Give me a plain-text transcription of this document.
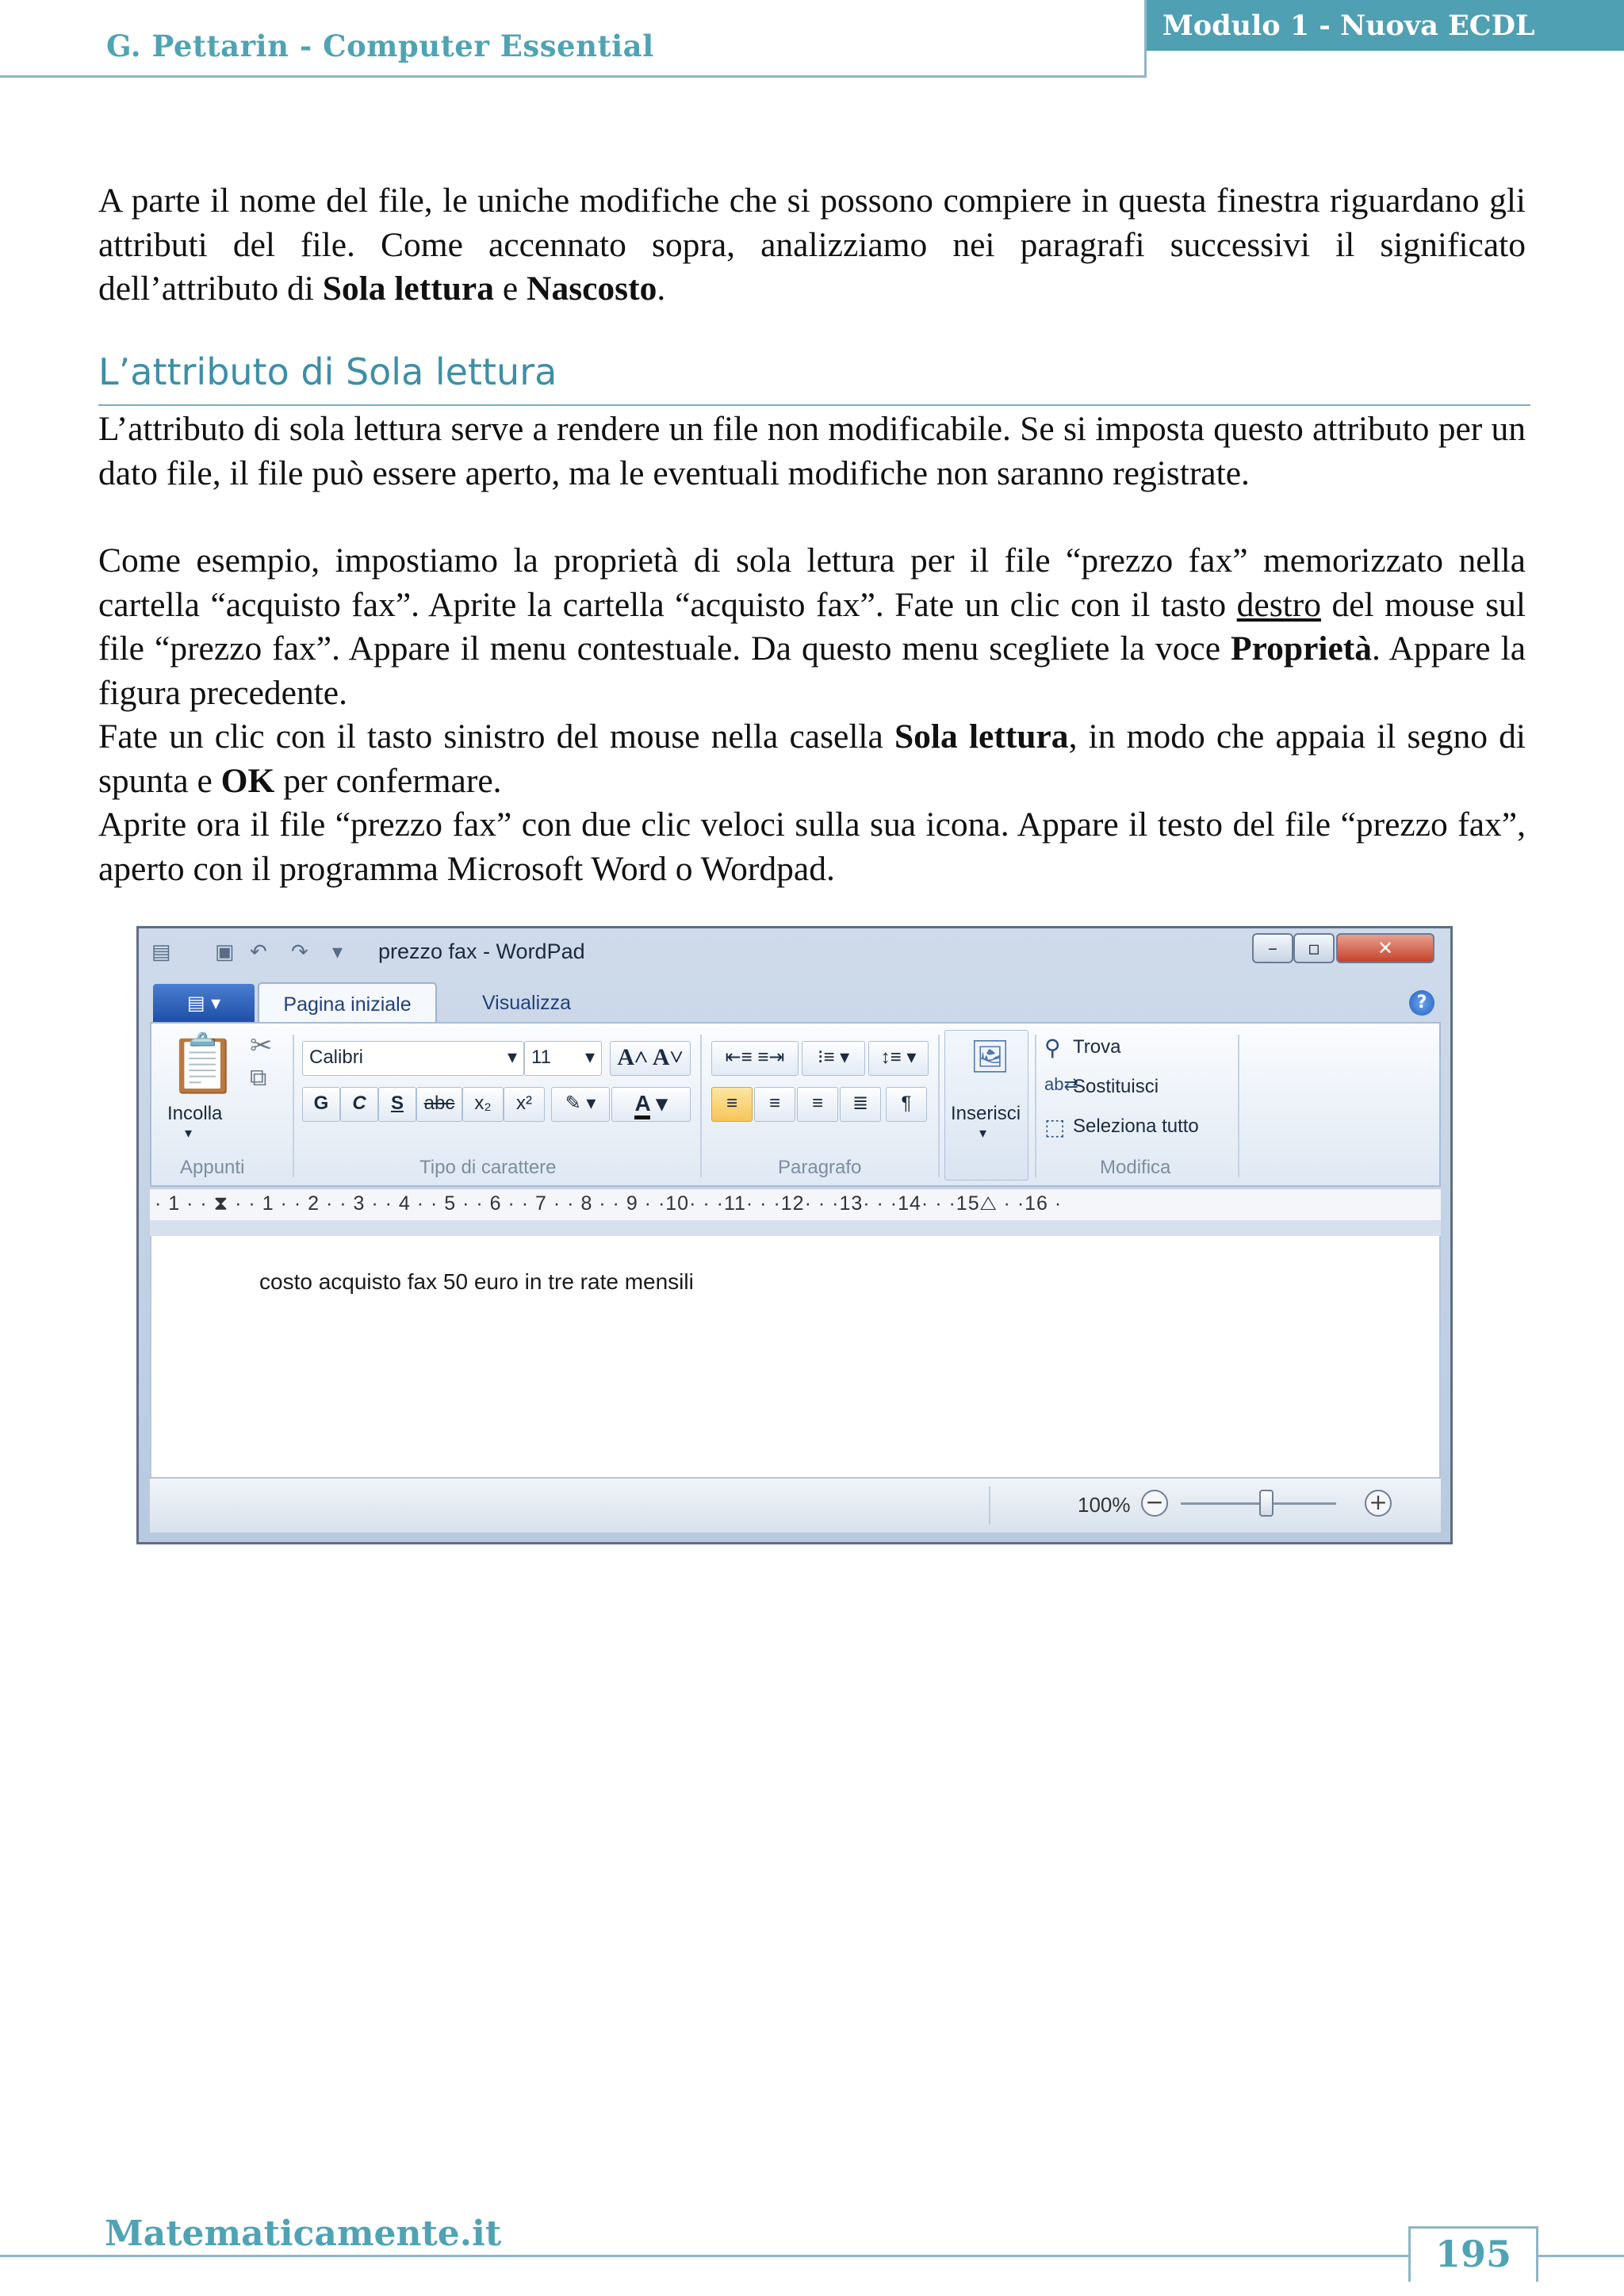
G. Pettarin - Computer Essential
Modulo 1 - Nuova ECDL
A parte il nome del file, le uniche modifiche che si possono compiere in questa finestra riguardano gli attributi del file. Come accennato sopra, analizziamo nei paragrafi successivi il significato dell’attributo di Sola lettura e Nascosto.
L’attributo di Sola lettura
L’attributo di sola lettura serve a rendere un file non modificabile. Se si imposta questo attributo per un dato file, il file può essere aperto, ma le eventuali modifiche non saranno registrate.
Come esempio, impostiamo la proprietà di sola lettura per il file “prezzo fax” memorizzato nella cartella “acquisto fax”. Aprite la cartella “acquisto fax”. Fate un clic con il tasto destro del mouse sul file “prezzo fax”. Appare il menu contestuale. Da questo menu scegliete la voce Proprietà. Appare la figura precedente.
Fate un clic con il tasto sinistro del mouse nella casella Sola lettura, in modo che appaia il segno di spunta e OK per confermare.
Aprite ora il file “prezzo fax” con due clic veloci sulla sua icona. Appare il testo del file “prezzo fax”, aperto con il programma Microsoft Word o Wordpad.
▤ ▣ ↶ ↷ ▾ prezzo fax - WordPad	–	▫	✕
▤ ▾	Pagina iniziale	Visualizza	?
📋
Incolla
▾
✂
⧉
Appunti
Calibri	▾ 11 ▾ A˄ A˅
G	C	S	abc	x₂	x²	✎ ▾	A ▾
Tipo di carattere
⇤≡ ≡⇥	⁝≡ ▾	↕≡ ▾
≡	≡	≡	≣	¶
Paragrafo
🖼
Inserisci
▾
⚲ Trova
ab⇄
Sostituisci
⬚ Seleziona tutto
Modifica
· 1 · · ⧗ · · 1 · · 2 · · 3 · · 4 · · 5 · · 6 · · 7 · · 8 · · 9 · ·10· · ·11· · ·12· · ·13· · ·14· · ·15△ · ·16 ·
costo acquisto fax 50 euro in tre rate mensili
100% −	+
Matematicamente.it	195
